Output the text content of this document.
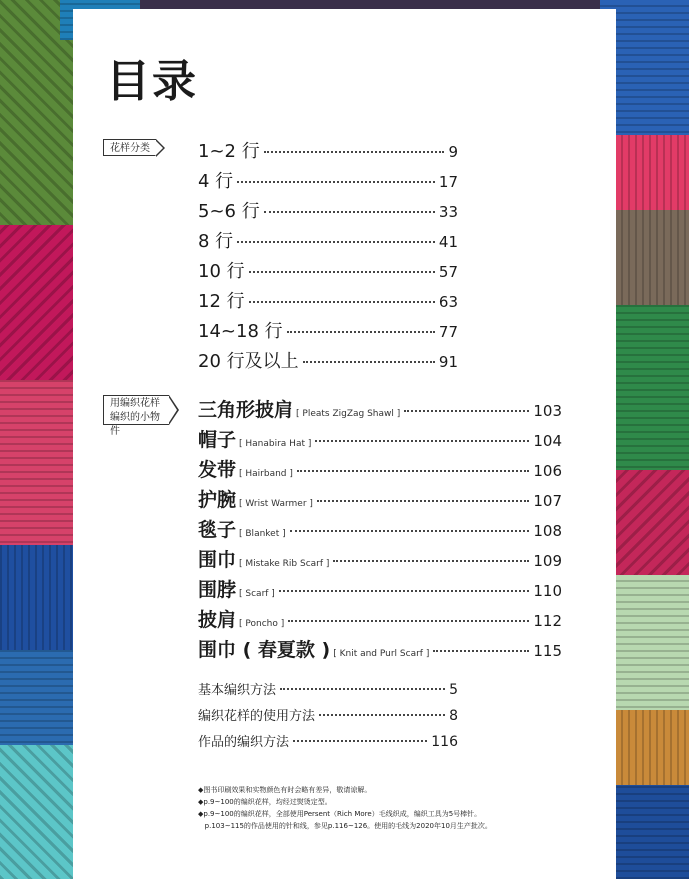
目录
花样分类
用编织花样编织的小物件
1~2 行	9
4 行	17
5~6 行	33
8 行	41
10 行	57
12 行	63
14~18 行	77
20 行及以上	91
三角形披肩 [ Pleats ZigZag Shawl ]	103
帽子 [ Hanabira Hat ]	104
发带 [ Hairband ]	106
护腕 [ Wrist Warmer ]	107
毯子 [ Blanket ]	108
围巾 [ Mistake Rib Scarf ]	109
围脖 [ Scarf ]	110
披肩 [ Poncho ]	112
围巾 ( 春夏款 ) [ Knit and Purl Scarf ]	115
基本编织方法	5
编织花样的使用方法	8
作品的编织方法	116
◆图书印刷效果和实物颜色有时会略有差异，敬请谅解。
◆p.9~100的编织花样，均经过熨烫定型。
◆p.9~100的编织花样，全部使用Persent（Rich More）毛线织成，编织工具为5号棒针。
p.103~115的作品使用的针和线，参见p.116~126。使用的毛线为2020年10月生产批次。
